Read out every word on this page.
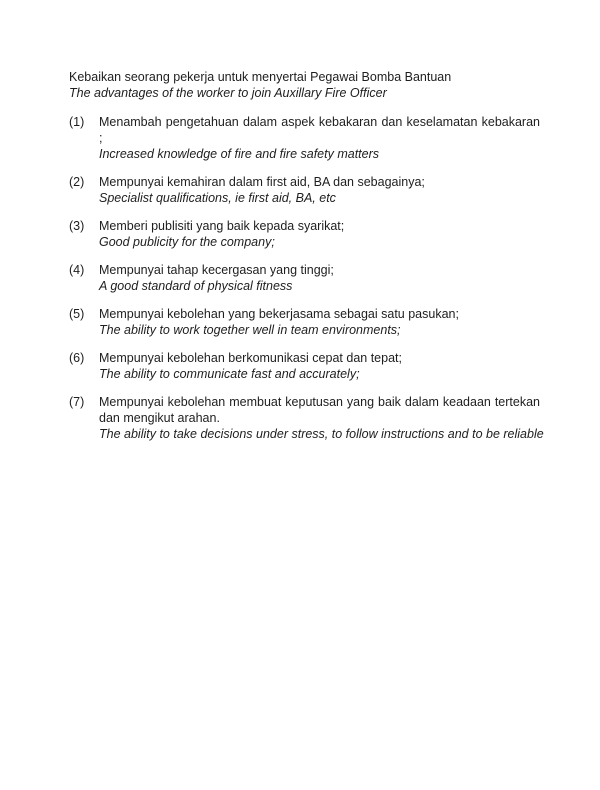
Kebaikan seorang pekerja untuk menyertai Pegawai Bomba Bantuan
The advantages of the worker to join Auxillary Fire Officer
(1)	Menambah pengetahuan dalam aspek kebakaran dan keselamatan kebakaran ;
Increased knowledge of fire and fire safety matters
(2)	Mempunyai kemahiran dalam first aid, BA dan sebagainya;
Specialist qualifications, ie first aid, BA, etc
(3)	Memberi publisiti yang baik kepada syarikat;
Good publicity for the company;
(4)	Mempunyai tahap kecergasan yang tinggi;
A good standard of physical fitness
(5)	Mempunyai kebolehan yang bekerjasama sebagai satu pasukan;
The ability to work together well in team environments;
(6)	Mempunyai kebolehan berkomunikasi cepat dan tepat;
The ability to communicate fast and accurately;
(7)	Mempunyai kebolehan membuat keputusan yang baik dalam keadaan tertekan dan mengikut arahan.
The ability to take decisions under stress, to follow instructions and to be reliable
